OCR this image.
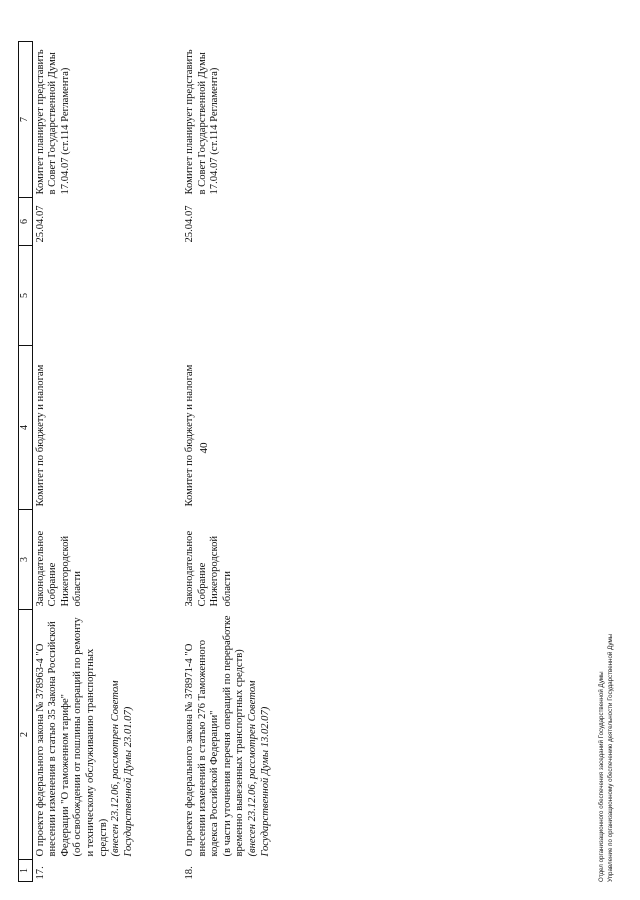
40
1	2	3	4	5	6	7
17.	О проекте федерального закона № 378963-4 "О внесении изменения в статью 35 Закона Российской Федерации "О таможенном тарифе" (об освобождении от пошлины операций по ремонту и техническому обслуживанию транспортных средств) (внесен 23.12.06, рассмотрен Советом Государственной Думы 23.01.07)	Законодательное Собрание Нижегородской области	Комитет по бюджету и налогам		25.04.07	Комитет планирует представить в Совет Государственной Думы 17.04.07 (ст.114 Регламента)
18.	О проекте федерального закона № 378971-4 "О внесении изменений в статью 276 Таможенного кодекса Российской Федерации" (в части уточнения перечня операций по переработке временно вывезенных транспортных средств) (внесен 23.12.06, рассмотрен Советом Государственной Думы 13.02.07)	Законодательное Собрание Нижегородской области	Комитет по бюджету и налогам		25.04.07	Комитет планирует представить в Совет Государственной Думы 17.04.07 (ст.114 Регламента)
Отдел организационного обеспечения заседаний Государственной Думы Управление по организационному обеспечению деятельности Государственной Думы
